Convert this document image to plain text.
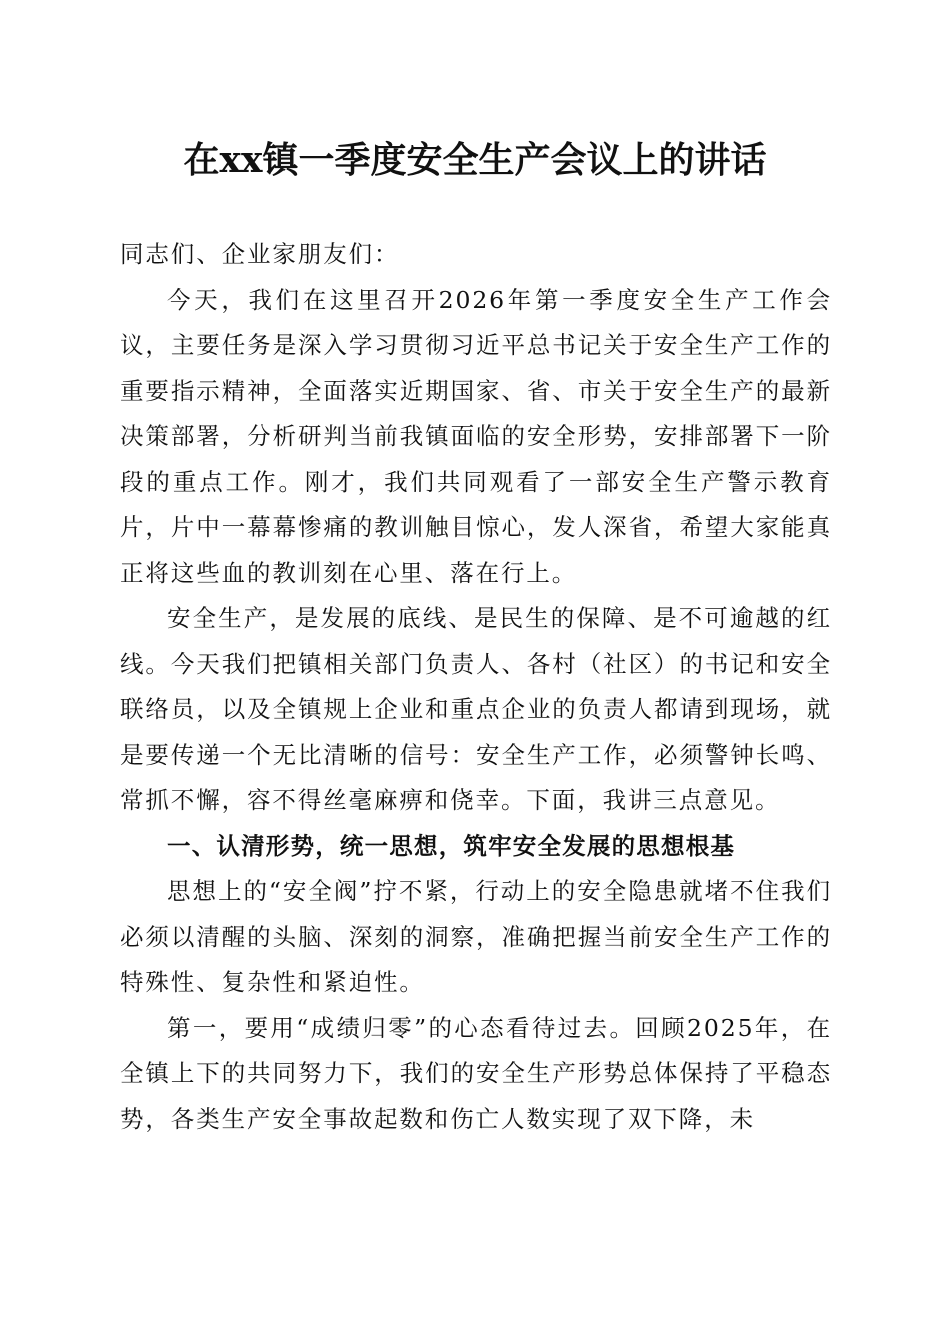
在xx镇一季度安全生产会议上的讲话

同志们、企业家朋友们：

今天，我们在这里召开2026年第一季度安全生产工作会议，主要任务是深入学习贯彻习近平总书记关于安全生产工作的重要指示精神，全面落实近期国家、省、市关于安全生产的最新决策部署，分析研判当前我镇面临的安全形势，安排部署下一阶段的重点工作。刚才，我们共同观看了一部安全生产警示教育片，片中一幕幕惨痛的教训触目惊心，发人深省，希望大家能真正将这些血的教训刻在心里、落在行上。

安全生产，是发展的底线、是民生的保障、是不可逾越的红线。今天我们把镇相关部门负责人、各村（社区）的书记和安全联络员，以及全镇规上企业和重点企业的负责人都请到现场，就是要传递一个无比清晰的信号：安全生产工作，必须警钟长鸣、常抓不懈，容不得丝毫麻痹和侥幸。下面，我讲三点意见。

一、认清形势，统一思想，筑牢安全发展的思想根基

思想上的“安全阀”拧不紧，行动上的安全隐患就堵不住我们必须以清醒的头脑、深刻的洞察，准确把握当前安全生产工作的特殊性、复杂性和紧迫性。

第一，要用“成绩归零”的心态看待过去。回顾2025年，在全镇上下的共同努力下，我们的安全生产形势总体保持了平稳态势，各类生产安全事故起数和伤亡人数实现了双下降，未
